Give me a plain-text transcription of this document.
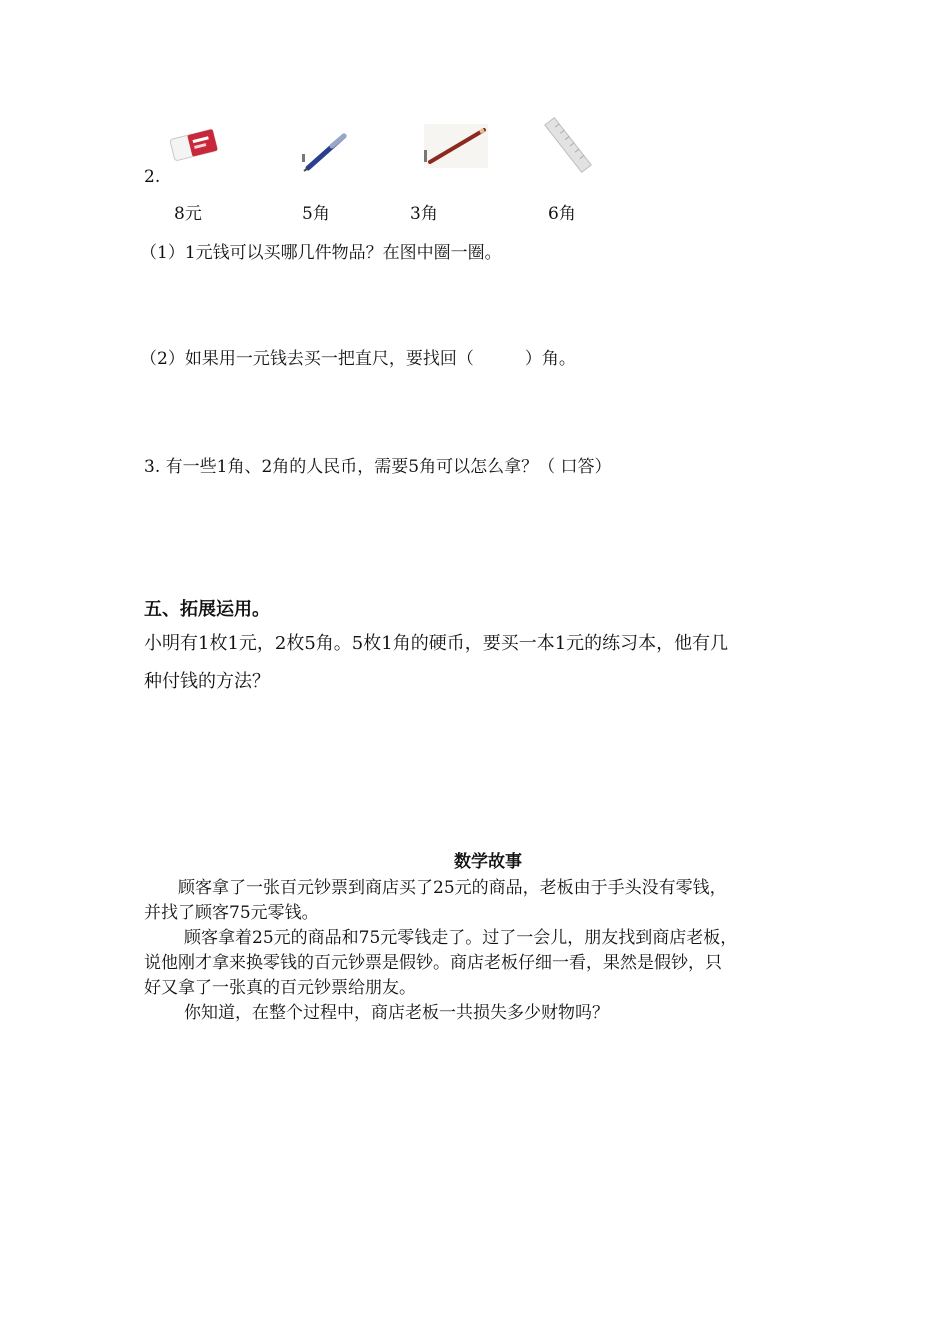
2.
8元	5角	3角	6角
（1）1元钱可以买哪几件物品？在图中圈一圈。
（2）如果用一元钱去买一把直尺，要找回（　　　）角。
3. 有一些1角、2角的人民币，需要5角可以怎么拿？（ 口答）
五、拓展运用。
小明有1枚1元，2枚5角。5枚1角的硬币，要买一本1元的练习本，他有几
种付钱的方法？
数学故事
顾客拿了一张百元钞票到商店买了25元的商品，老板由于手头没有零钱，
并找了顾客75元零钱。
顾客拿着25元的商品和75元零钱走了。过了一会儿，朋友找到商店老板，
说他刚才拿来换零钱的百元钞票是假钞。商店老板仔细一看，果然是假钞，只
好又拿了一张真的百元钞票给朋友。
你知道，在整个过程中，商店老板一共损失多少财物吗？
